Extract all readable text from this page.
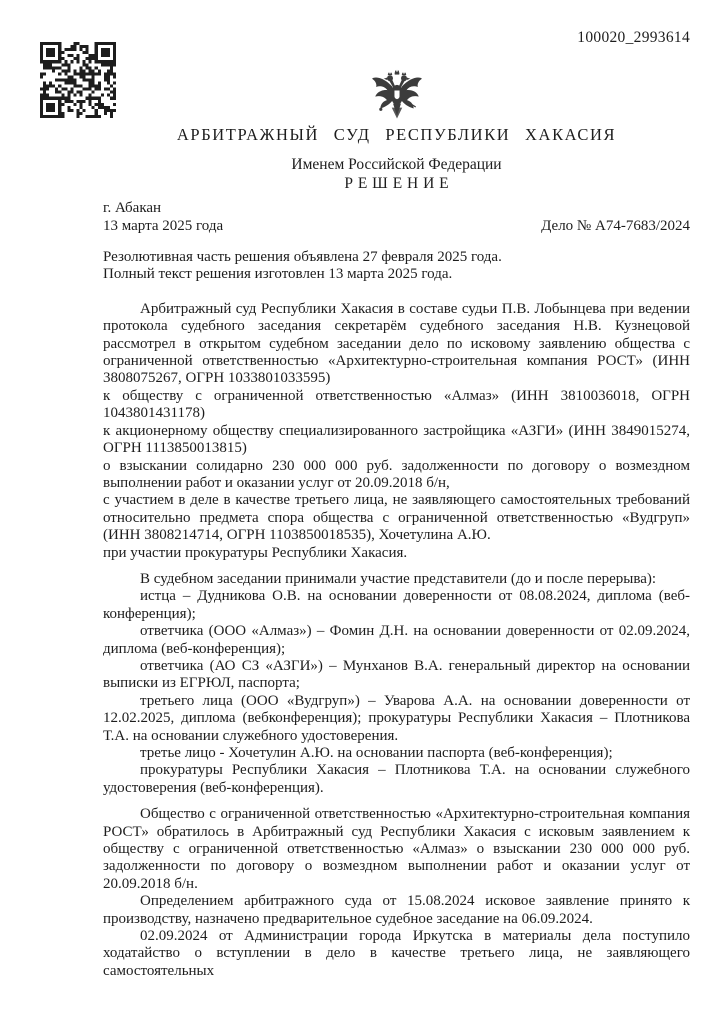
100020_2993614
АРБИТРАЖНЫЙ СУД РЕСПУБЛИКИ ХАКАСИЯ
Именем Российской Федерации
Р Е Ш Е Н И Е
г. Абакан
13 марта 2025 года	Дело № А74-7683/2024
Резолютивная часть решения объявлена 27 февраля 2025 года.
Полный текст решения изготовлен 13 марта 2025 года.

Арбитражный суд Республики Хакасия в составе судьи П.В. Лобынцева при ведении протокола судебного заседания секретарём судебного заседания Н.В. Кузнецовой рассмотрел в открытом судебном заседании дело по исковому заявлению общества с ограниченной ответственностью «Архитектурно-строительная компания РОСТ» (ИНН 3808075267, ОГРН 1033801033595)

к обществу с ограниченной ответственностью «Алмаз» (ИНН 3810036018, ОГРН 1043801431178)

к акционерному обществу специализированного застройщика «АЗГИ» (ИНН 3849015274, ОГРН 1113850013815)

о взыскании солидарно 230 000 000 руб. задолженности по договору о возмездном выполнении работ и оказании услуг от 20.09.2018 б/н,

с участием в деле в качестве третьего лица, не заявляющего самостоятельных требований относительно предмета спора общества с ограниченной ответственностью «Вудгруп» (ИНН 3808214714, ОГРН 1103850018535), Хочетулина А.Ю.

при участии прокуратуры Республики Хакасия.

В судебном заседании принимали участие представители (до и после перерыва):

истца – Дудникова О.В. на основании доверенности от 08.08.2024, диплома (веб-конференция);

ответчика (ООО «Алмаз») – Фомин Д.Н. на основании доверенности от 02.09.2024, диплома (веб-конференция);

ответчика (АО СЗ «АЗГИ») – Мунханов В.А. генеральный директор на основании выписки из ЕГРЮЛ, паспорта;

третьего лица (ООО «Вудгруп») – Уварова А.А. на основании доверенности от 12.02.2025, диплома (вебконференция); прокуратуры Республики Хакасия – Плотникова Т.А. на основании служебного удостоверения.

третье лицо - Хочетулин А.Ю. на основании паспорта (веб-конференция);

прокуратуры Республики Хакасия – Плотникова Т.А. на основании служебного удостоверения (веб-конференция).

Общество с ограниченной ответственностью «Архитектурно-строительная компания РОСТ» обратилось в Арбитражный суд Республики Хакасия с исковым заявлением к обществу с ограниченной ответственностью «Алмаз» о взыскании 230 000 000 руб. задолженности по договору о возмездном выполнении работ и оказании услуг от 20.09.2018 б/н.

Определением арбитражного суда от 15.08.2024 исковое заявление принято к производству, назначено предварительное судебное заседание на 06.09.2024.

02.09.2024 от Администрации города Иркутска в материалы дела поступило ходатайство о вступлении в дело в качестве третьего лица, не заявляющего самостоятельных
